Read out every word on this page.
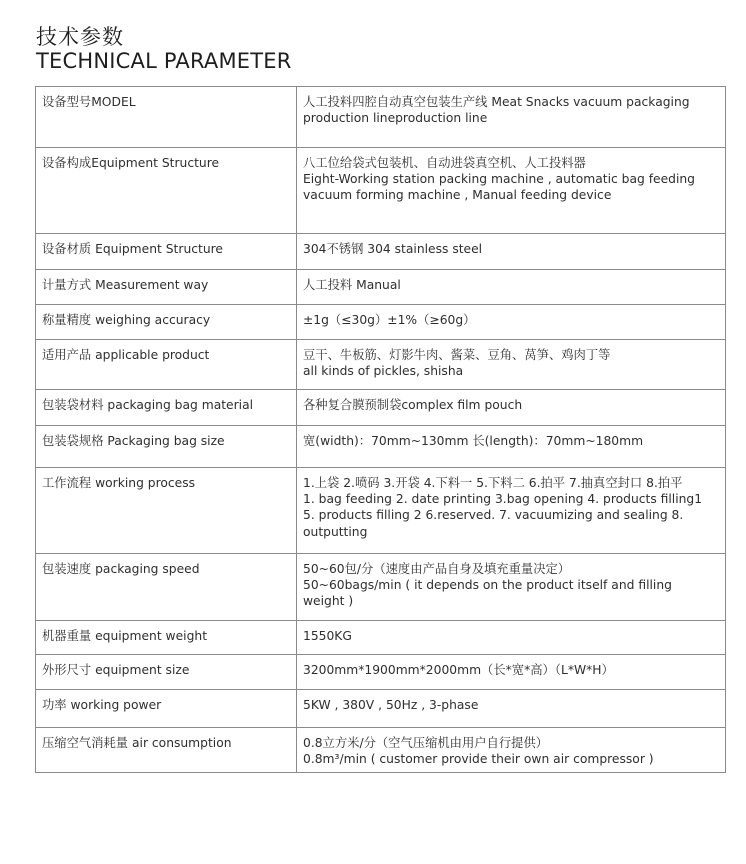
技术参数
TECHNICAL PARAMETER
设备型号MODEL	人工投料四腔自动真空包装生产线 Meat Snacks vacuum packaging
production lineproduction line

设备构成Equipment Structure	八工位给袋式包装机、自动进袋真空机、人工投料器
Eight-Working station packing machine , automatic bag feeding
vacuum forming machine , Manual feeding device

设备材质 Equipment Structure	304不锈钢 304 stainless steel

计量方式 Measurement way	人工投料 Manual

称量精度 weighing accuracy	±1g（≤30g）±1%（≥60g）

适用产品 applicable product	豆干、牛板筋、灯影牛肉、酱菜、豆角、莴笋、鸡肉丁等
all kinds of pickles, shisha

包装袋材料 packaging bag material	各种复合膜预制袋complex film pouch

包装袋规格 Packaging bag size	宽(width)：70mm~130mm 长(length)：70mm~180mm

工作流程 working process	1.上袋 2.喷码 3.开袋 4.下料一 5.下料二 6.拍平 7.抽真空封口 8.拍平
1. bag feeding 2. date printing 3.bag opening 4. products filling1
5. products filling 2 6.reserved. 7. vacuumizing and sealing 8.
outputting

包装速度 packaging speed	50~60包/分（速度由产品自身及填充重量决定）
50~60bags/min ( it depends on the product itself and filling
weight )

机器重量 equipment weight	1550KG

外形尺寸 equipment size	3200mm*1900mm*2000mm（长*宽*高）（L*W*H）

功率 working power	5KW , 380V , 50Hz , 3-phase

压缩空气消耗量 air consumption	0.8立方米/分（空气压缩机由用户自行提供）
0.8m³/min ( customer provide their own air compressor )
